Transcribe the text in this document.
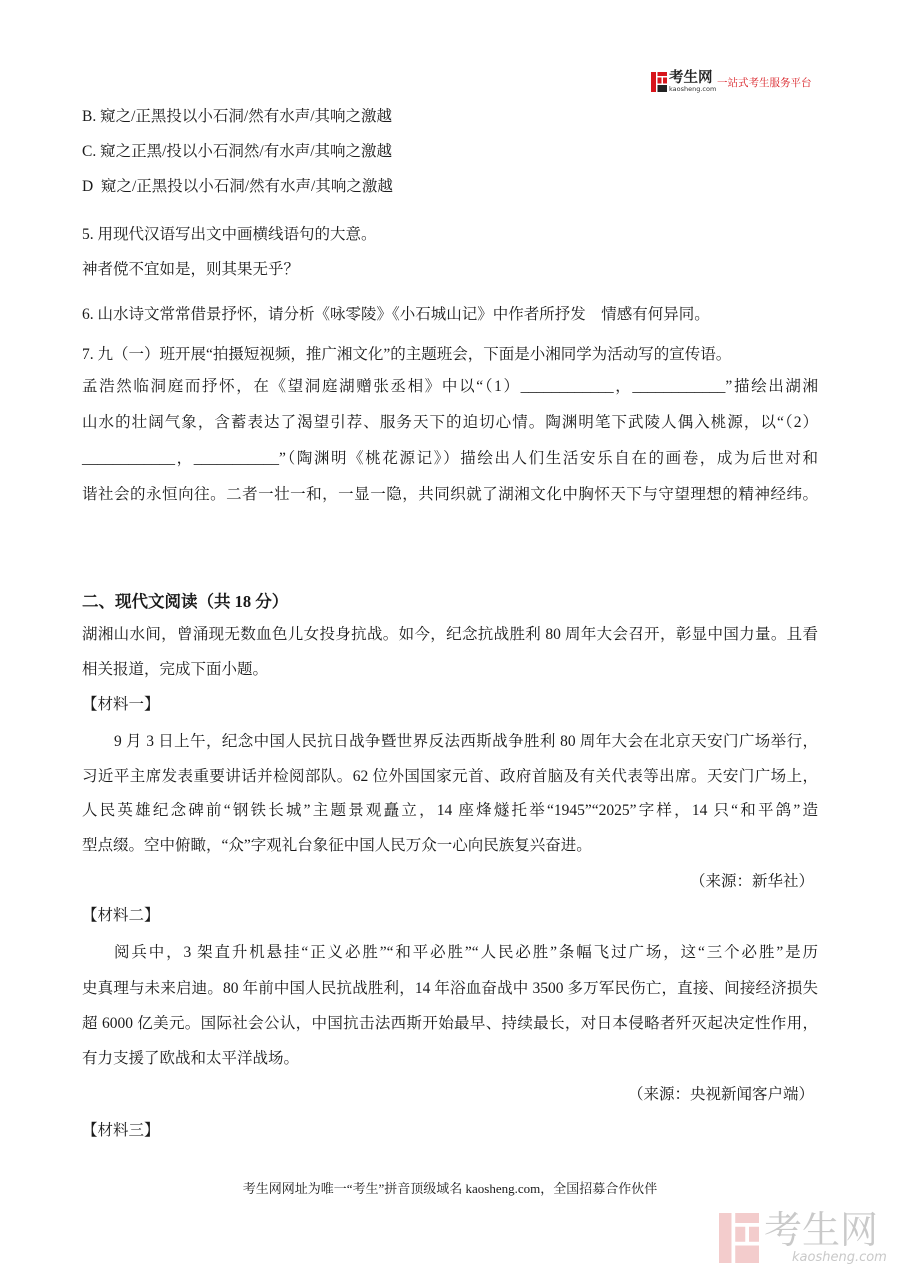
考生网
kaosheng.com 一站式考生服务平台
B. 窥之/正黑投以小石洞/然有水声/其响之激越
C. 窥之正黑/投以小石洞然/有水声/其响之激越
D  窥之/正黑投以小石洞/然有水声/其响之激越
5. 用现代汉语写出文中画横线语句的大意。
神者傥不宜如是，则其果无乎？
6. 山水诗文常常借景抒怀，请分析《咏零陵》《小石城山记》中作者所抒发　情感有何异同。
7. 九（一）班开展“拍摄短视频，推广湘文化”的主题班会，下面是小湘同学为活动写的宣传语。
孟浩然临洞庭而抒怀，在《望洞庭湖赠张丞相》中以“（1）____________，____________”描绘出湖湘
山水的壮阔气象，含蓄表达了渴望引荐、服务天下的迫切心情。陶渊明笔下武陵人偶入桃源，以“（2）
____________，___________”（陶渊明《桃花源记》）描绘出人们生活安乐自在的画卷，成为后世对和
谐社会的永恒向往。二者一壮一和，一显一隐，共同织就了湖湘文化中胸怀天下与守望理想的精神经纬。
二、现代文阅读（共 18 分）
湖湘山水间，曾涌现无数血色儿女投身抗战。如今，纪念抗战胜利 80 周年大会召开，彰显中国力量。且看
相关报道，完成下面小题。
【材料一】
9 月 3 日上午，纪念中国人民抗日战争暨世界反法西斯战争胜利 80 周年大会在北京天安门广场举行，
习近平主席发表重要讲话并检阅部队。62 位外国国家元首、政府首脑及有关代表等出席。天安门广场上，
人民英雄纪念碑前“钢铁长城”主题景观矗立，14 座烽燧托举“1945”“2025”字样，14 只“和平鸽”造
型点缀。空中俯瞰，“众”字观礼台象征中国人民万众一心向民族复兴奋进。
（来源：新华社）
【材料二】
阅兵中，3 架直升机悬挂“正义必胜”“和平必胜”“人民必胜”条幅飞过广场，这“三个必胜”是历
史真理与未来启迪。80 年前中国人民抗战胜利，14 年浴血奋战中 3500 多万军民伤亡，直接、间接经济损失
超 6000 亿美元。国际社会公认，中国抗击法西斯开始最早、持续最长，对日本侵略者歼灭起决定性作用，
有力支援了欧战和太平洋战场。
（来源：央视新闻客户端）
【材料三】
考生网网址为唯一“考生”拼音顶级域名 kaosheng.com，全国招募合作伙伴
考生网
kaosheng.com
